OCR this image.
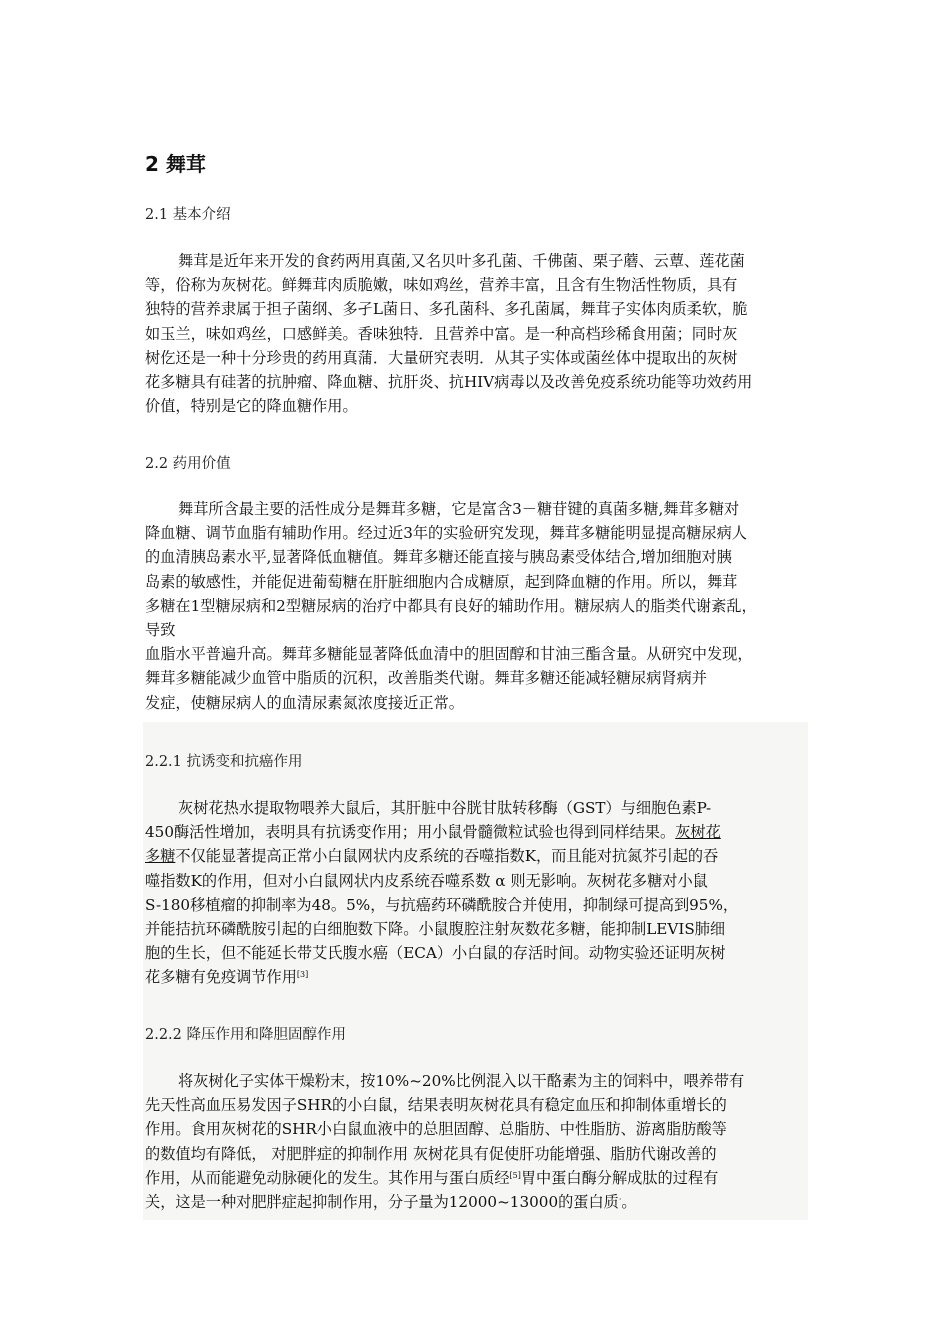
2 舞茸
2.1 基本介绍
舞茸是近年来开发的食药两用真菌,又名贝叶多孔菌、千佛菌、栗子蘑、云蕈、莲花菌
等，俗称为灰树花。鲜舞茸肉质脆嫩，味如鸡丝，营养丰富，且含有生物活性物质，具有
独特的营养隶属于担子菌纲、多孑L菌日、多孔菌科、多孔菌属，舞茸子实体肉质柔软，脆
如玉兰，味如鸡丝，口感鲜美。香味独特．且营养中富。是一种高档珍稀食用菌；同时灰
树仡还是一种十分珍贵的药用真蒲．大量研究表明．从其子实体或菌丝体中提取出的灰树
花多糖具有硅著的抗肿瘤、降血糖、抗肝炎、抗HIV病毒以及改善免疫系统功能等功效药用
价值，特别是它的降血糖作用。
2.2 药用价值
舞茸所含最主要的活性成分是舞茸多糖，它是富含3－糖苷键的真菌多糖,舞茸多糖对
降血糖、调节血脂有辅助作用。经过近3年的实验研究发现，舞茸多糖能明显提高糖尿病人
的血清胰岛素水平,显著降低血糖值。舞茸多糖还能直接与胰岛素受体结合,增加细胞对胰
岛素的敏感性，并能促进葡萄糖在肝脏细胞内合成糖原，起到降血糖的作用。所以，舞茸
多糖在1型糖尿病和2型糖尿病的治疗中都具有良好的辅助作用。糖尿病人的脂类代谢紊乱，
导致
血脂水平普遍升高。舞茸多糖能显著降低血清中的胆固醇和甘油三酯含量。从研究中发现，
舞茸多糖能减少血管中脂质的沉积，改善脂类代谢。舞茸多糖还能减轻糖尿病肾病并
发症，使糖尿病人的血清尿素氮浓度接近正常。
2.2.1 抗诱变和抗癌作用
灰树花热水提取物喂养大鼠后，其肝脏中谷胱甘肽转移酶（GST）与细胞色素P-
450酶活性增加，表明具有抗诱变作用；用小鼠骨髓微粒试验也得到同样结果。灰树花
多糖不仅能显著提高正常小白鼠网状内皮系统的吞噬指数K，而且能对抗氮芥引起的吞
噬指数K的作用，但对小白鼠网状内皮系统吞噬系数 α 则无影响。灰树花多糖对小鼠
S-180移植瘤的抑制率为48。5%，与抗癌药环磷酰胺合并使用，抑制绿可提高到95%，
并能拮抗环磷酰胺引起的白细胞数下降。小鼠腹腔注射灰数花多糖，能抑制LEVIS肺细
胞的生长，但不能延长带艾氏腹水癌（ECA）小白鼠的存活时间。动物实验还证明灰树
花多糖有免疫调节作用[3]
2.2.2 降压作用和降胆固醇作用
将灰树化子实体干燥粉末，按10%~20%比例混入以干酪素为主的饲料中，喂养带有
先天性高血压易发因子SHR的小白鼠，结果表明灰树花具有稳定血压和抑制体重增长的
作用。食用灰树花的SHR小白鼠血液中的总胆固醇、总脂肪、中性脂肪、游离脂肪酸等
的数值均有降低， 对肥胖症的抑制作用 灰树花具有促使肝功能增强、脂肪代谢改善的
作用，从而能避免动脉硬化的发生。其作用与蛋白质经[5]胃中蛋白酶分解成肽的过程有
关，这是一种对肥胖症起抑制作用，分子量为12000~13000的蛋白质·。
